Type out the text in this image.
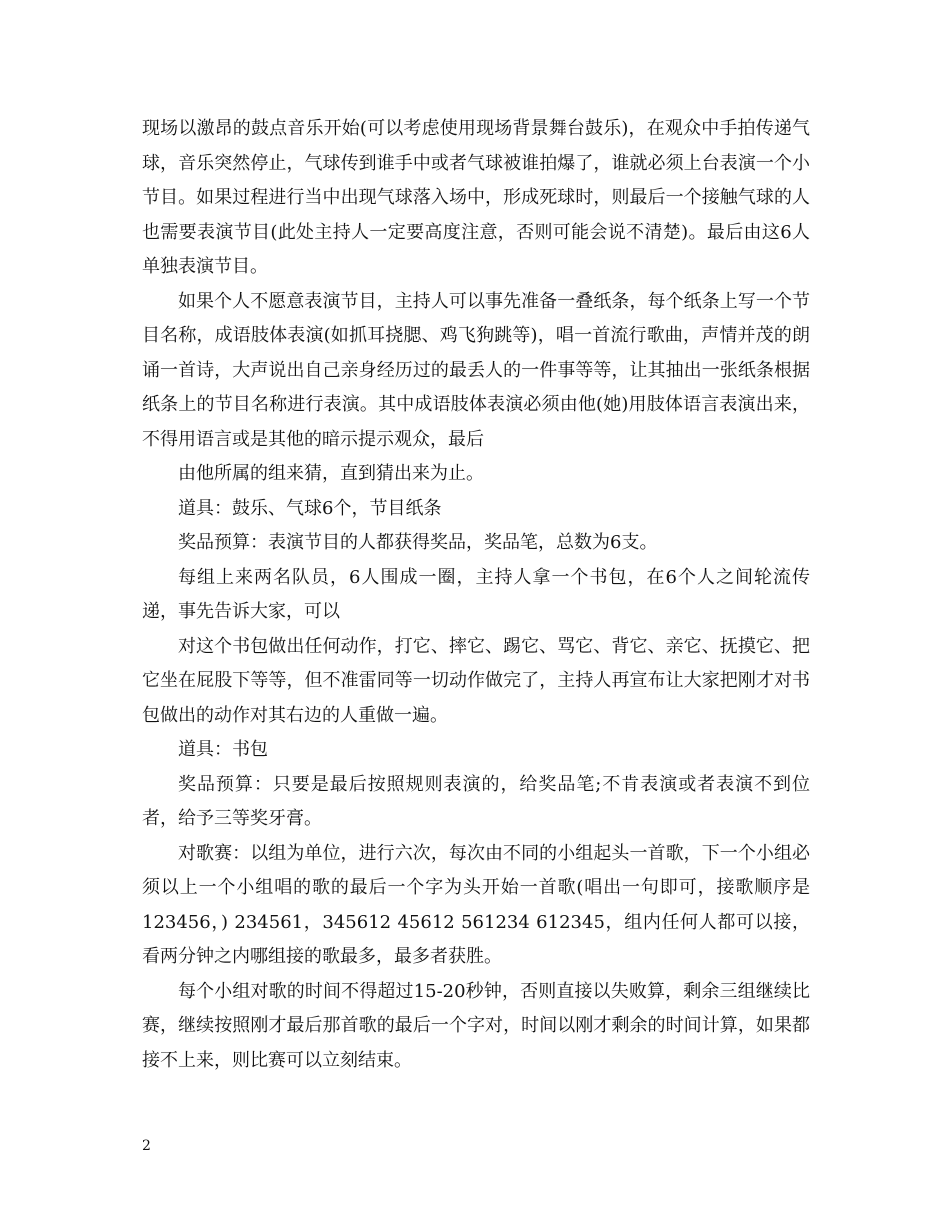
现场以激昂的鼓点音乐开始(可以考虑使用现场背景舞台鼓乐)，在观众中手拍传递气球，音乐突然停止，气球传到谁手中或者气球被谁拍爆了，谁就必须上台表演一个小节目。如果过程进行当中出现气球落入场中，形成死球时，则最后一个接触气球的人也需要表演节目(此处主持人一定要高度注意，否则可能会说不清楚)。最后由这6人单独表演节目。

如果个人不愿意表演节目，主持人可以事先准备一叠纸条，每个纸条上写一个节目名称，成语肢体表演(如抓耳挠腮、鸡飞狗跳等)，唱一首流行歌曲，声情并茂的朗诵一首诗，大声说出自己亲身经历过的最丢人的一件事等等，让其抽出一张纸条根据纸条上的节目名称进行表演。其中成语肢体表演必须由他(她)用肢体语言表演出来，不得用语言或是其他的暗示提示观众，最后

由他所属的组来猜，直到猜出来为止。

道具：鼓乐、气球6个，节目纸条

奖品预算：表演节目的人都获得奖品，奖品笔，总数为6支。

每组上来两名队员，6人围成一圈，主持人拿一个书包，在6个人之间轮流传递，事先告诉大家，可以

对这个书包做出任何动作，打它、摔它、踢它、骂它、背它、亲它、抚摸它、把它坐在屁股下等等，但不准雷同等一切动作做完了，主持人再宣布让大家把刚才对书包做出的动作对其右边的人重做一遍。

道具：书包

奖品预算：只要是最后按照规则表演的，给奖品笔;不肯表演或者表演不到位者，给予三等奖牙膏。

对歌赛：以组为单位，进行六次，每次由不同的小组起头一首歌，下一个小组必须以上一个小组唱的歌的最后一个字为头开始一首歌(唱出一句即可，接歌顺序是123456，) 234561，345612 45612 561234 612345，组内任何人都可以接，看两分钟之内哪组接的歌最多，最多者获胜。

每个小组对歌的时间不得超过15-20秒钟，否则直接以失败算，剩余三组继续比赛，继续按照刚才最后那首歌的最后一个字对，时间以刚才剩余的时间计算，如果都接不上来，则比赛可以立刻结束。

2
